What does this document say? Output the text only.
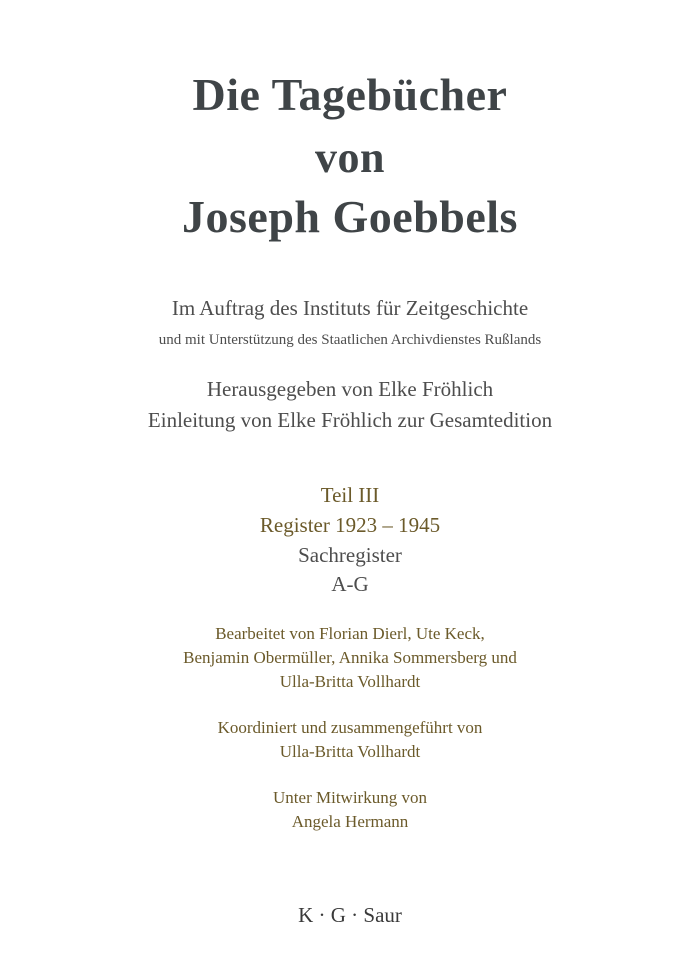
Die Tagebücher
von
Joseph Goebbels
Im Auftrag des Instituts für Zeitgeschichte
und mit Unterstützung des Staatlichen Archivdienstes Rußlands
Herausgegeben von Elke Fröhlich
Einleitung von Elke Fröhlich zur Gesamtedition
Teil III
Register 1923 – 1945
Sachregister
A-G
Bearbeitet von Florian Dierl, Ute Keck,
Benjamin Obermüller, Annika Sommersberg und
Ulla-Britta Vollhardt
Koordiniert und zusammengeführt von
Ulla-Britta Vollhardt
Unter Mitwirkung von
Angela Hermann
K · G · Saur
